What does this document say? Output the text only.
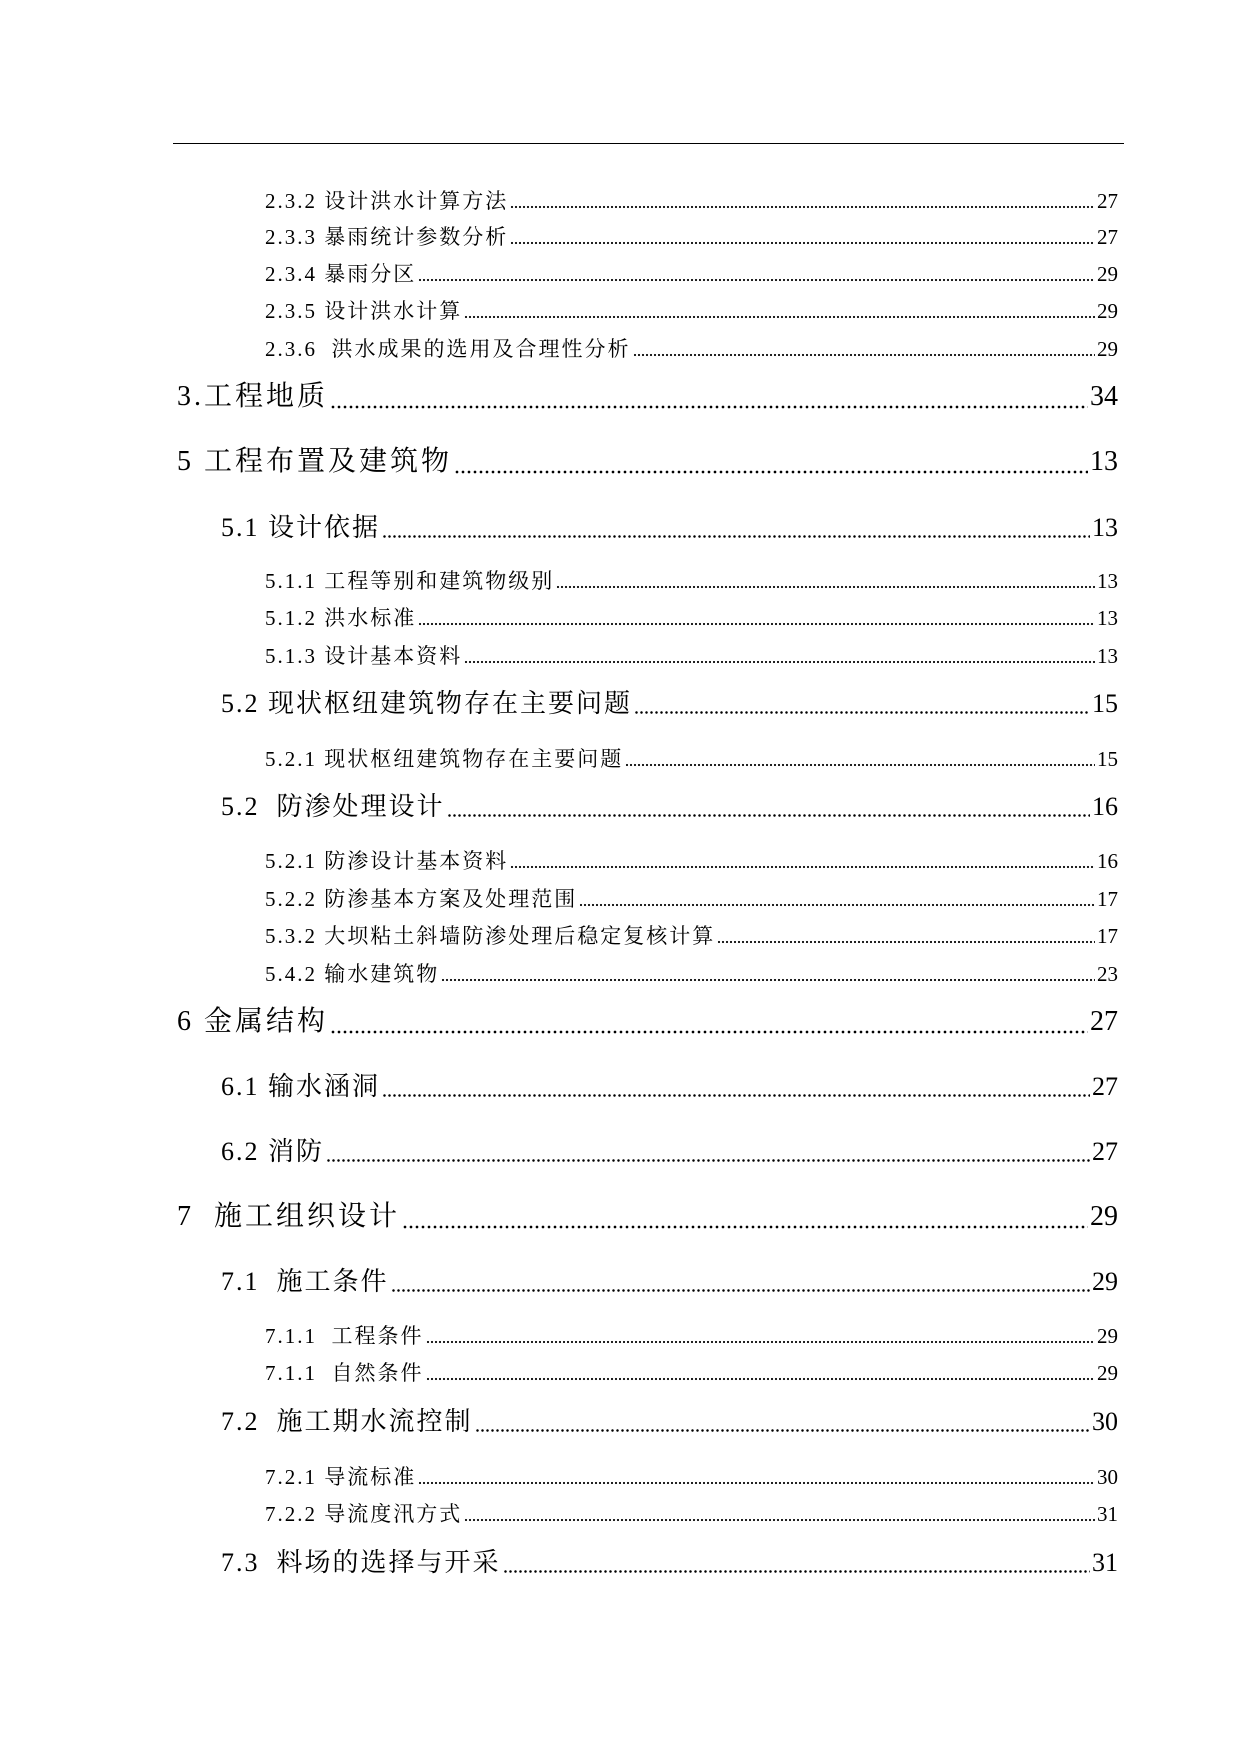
2.3.2 设计洪水计算方法	27
2.3.3 暴雨统计参数分析	27
2.3.4 暴雨分区	29
2.3.5 设计洪水计算	29
2.3.6  洪水成果的选用及合理性分析	29
3.工程地质	34
5 工程布置及建筑物	13
5.1 设计依据	13
5.1.1 工程等别和建筑物级别	13
5.1.2 洪水标准	13
5.1.3 设计基本资料	13
5.2 现状枢纽建筑物存在主要问题	15
5.2.1 现状枢纽建筑物存在主要问题	15
5.2  防渗处理设计	16
5.2.1 防渗设计基本资料	16
5.2.2 防渗基本方案及处理范围	17
5.3.2 大坝粘土斜墙防渗处理后稳定复核计算	17
5.4.2 输水建筑物	23
6 金属结构	27
6.1 输水涵洞	27
6.2 消防	27
7  施工组织设计	29
7.1  施工条件	29
7.1.1  工程条件	29
7.1.1  自然条件	29
7.2  施工期水流控制	30
7.2.1 导流标准	30
7.2.2 导流度汛方式	31
7.3  料场的选择与开采	31
